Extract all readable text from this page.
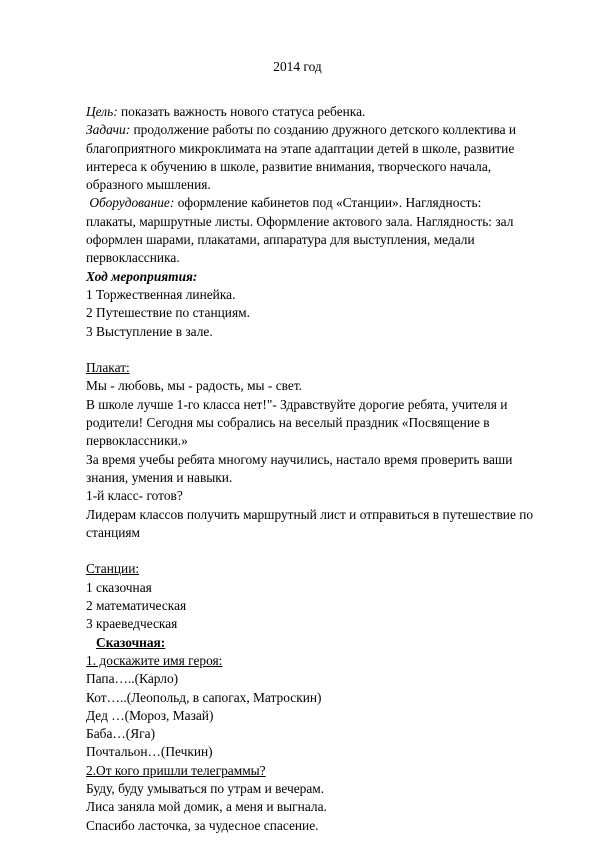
2014 год
Цель: показать важность нового статуса ребенка.
Задачи: продолжение работы по созданию дружного детского коллектива и
благоприятного микроклимата на этапе адаптации детей в школе, развитие
интереса к обучению в школе, развитие внимания, творческого начала,
образного мышления.
Оборудование: оформление кабинетов под «Станции». Наглядность:
плакаты, маршрутные листы. Оформление актового зала. Наглядность: зал
оформлен шарами, плакатами, аппаратура для выступления, медали
первоклассника.
Ход мероприятия:
1 Торжественная линейка.
2 Путешествие по станциям.
3 Выступление в зале.
Плакат:
Мы - любовь, мы - радость, мы - свет.
В школе лучше 1-го класса нет!"- Здравствуйте дорогие ребята, учителя и
родители! Сегодня мы собрались на веселый праздник «Посвящение в
первоклассники.»
За время учебы ребята многому научились, настало время проверить ваши
знания, умения и навыки.
1-й класс- готов?
Лидерам классов получить маршрутный лист и отправиться в путешествие по
станциям
Станции:
1 сказочная
2 математическая
3 краеведческая
Сказочная:
1. доскажите имя героя:
Папа…..(Карло)
Кот…..(Леопольд, в сапогах, Матроскин)
Дед …(Мороз, Мазай)
Баба…(Яга)
Почтальон…(Печкин)
2.От кого пришли телеграммы?
Буду, буду умываться по утрам и вечерам.
Лиса заняла мой домик, а меня и выгнала.
Спасибо ласточка, за чудесное спасение.
